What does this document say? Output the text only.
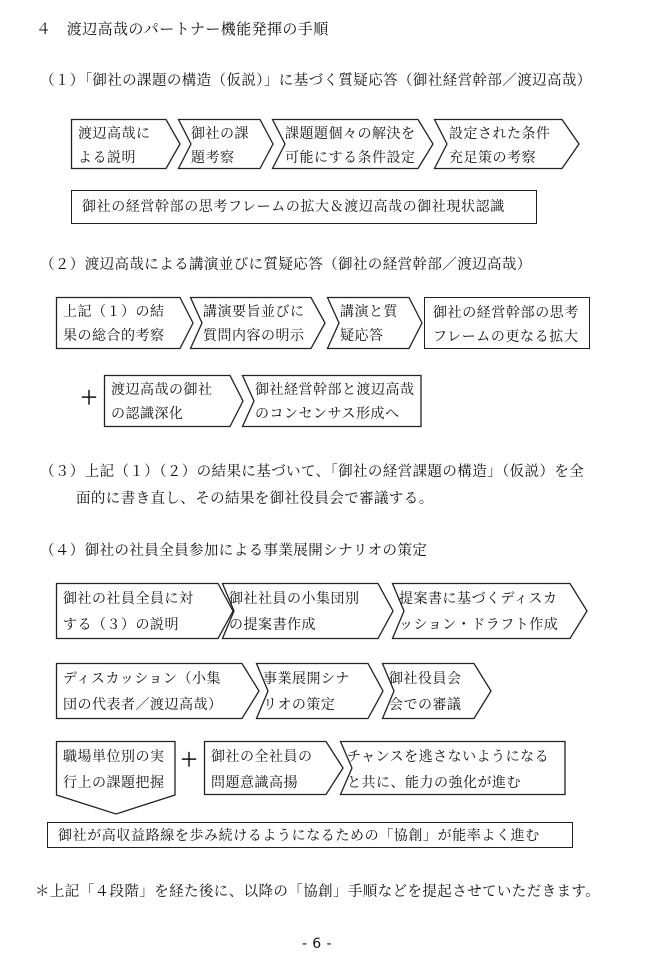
４　渡辺高哉のパートナー機能発揮の手順
（１）「御社の課題の構造（仮説）」に基づく質疑応答（御社経営幹部／渡辺高哉）
渡辺高哉に
よる説明
御社の課
題考察
課題題個々の解決を
可能にする条件設定
設定された条件
充足策の考察
御社の経営幹部の思考フレームの拡大＆渡辺高哉の御社現状認識
（２）渡辺高哉による講演並びに質疑応答（御社の経営幹部／渡辺高哉）
上記（１）の結
果の総合的考察
講演要旨並びに
質問内容の明示
講演と質
疑応答
御社の経営幹部の思考
フレームの更なる拡大
＋ 渡辺高哉の御社
の認識深化
御社経営幹部と渡辺高哉
のコンセンサス形成へ
（３）上記（１）（２）の結果に基づいて、「御社の経営課題の構造」（仮説）を全
面的に書き直し、その結果を御社役員会で審議する。
（４）御社の社員全員参加による事業展開シナリオの策定
御社の社員全員に対
する（３）の説明
御社社員の小集団別
の提案書作成
提案書に基づくディスカ
ッション・ドラフト作成
ディスカッション（小集
団の代表者／渡辺高哉）
事業展開シナ
リオの策定
御社役員会
会での審議
職場単位別の実
行上の課題把握
＋ 御社の全社員の
問題意識高揚
チャンスを逃さないようになる
と共に、能力の強化が進む
御社が高収益路線を歩み続けるようになるための「協創」が能率よく進む
＊上記「４段階」を経た後に、以降の「協創」手順などを提起させていただきます。
- 6 -
